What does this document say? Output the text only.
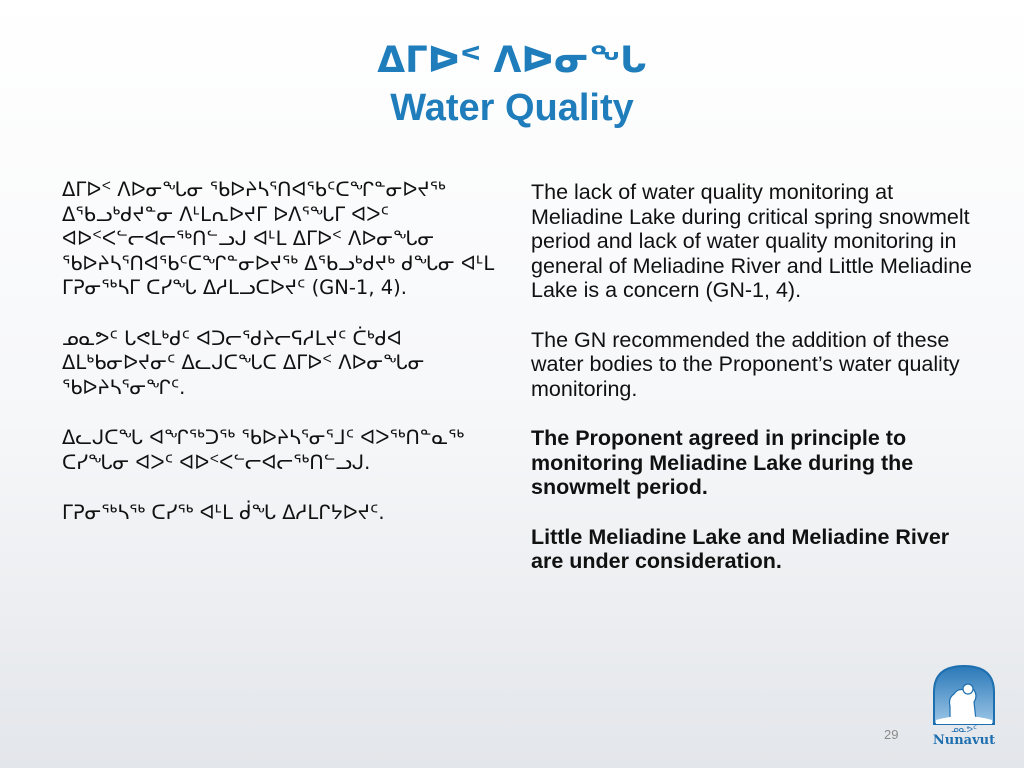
ᐃᒥᐅᑉ ᐱᐅᓂᖓ
Water Quality

ᐃᒥᐅᑉ ᐱᐅᓂᖓᓂ ᖃᐅᔨᓴᕐᑎᐊᖃᑦᑕᖏᓐᓂᐅᔪᖅ ᐃᖃᓗᒃᑯᔪᓐᓂ ᐱᒻᒪᕆᐅᔪᒥ ᐅᐱᕐᖓᒥ ᐊᐳᑦ ᐊᐅᑉᐸᓪᓕᐊᓕᖅᑎᓪᓗᒍ ᐊᒻᒪ ᐃᒥᐅᑉ ᐱᐅᓂᖓᓂ ᖃᐅᔨᓴᕐᑎᐊᖃᑦᑕᖏᓐᓂᐅᔪᖅ ᐃᖃᓗᒃᑯᔪᒃ ᑯᖓᓂ ᐊᒻᒪ ᒥᕈᓂᖅᓴᒥ ᑕᓯᖓ ᐃᓱᒪᓗᑕᐅᔪᑦ (GN-1, 4).

ᓄᓇᕗᑦ ᒐᕙᒪᒃᑯᑦ ᐊᑐᓕᖁᔨᓕᕋᓱᒪᔪᑦ ᑖᒃᑯᐊ ᐃᒪᒃᑲᓂᐅᔪᓂᑦ ᐃᓚᒍᑕᖓᑕ ᐃᒥᐅᑉ ᐱᐅᓂᖓᓂ ᖃᐅᔨᓴᕐᓂᖏᑦ.

ᐃᓚᒍᑕᖓ ᐊᖏᖅᑐᖅ ᖃᐅᔨᓴᕐᓂᕐᒧᑦ ᐊᐳᖅᑎᓐᓇᖅ ᑕᓯᖓᓂ ᐊᐳᑦ ᐊᐅᑉᐸᓪᓕᐊᓕᖅᑎᓪᓗᒍ.

ᒥᕈᓂᖅᓴᖅ ᑕᓯᖅ ᐊᒻᒪ ᑰᖓ ᐃᓱᒪᒋᔭᐅᔪᑦ.

The lack of water quality monitoring at Meliadine Lake during critical spring snowmelt period and lack of water quality monitoring in general of Meliadine River and Little Meliadine Lake is a concern (GN-1, 4).

The GN recommended the addition of these water bodies to the Proponent’s water quality monitoring.

The Proponent agreed in principle to monitoring Meliadine Lake during the snowmelt period.

Little Meliadine Lake and Meliadine River are under consideration.

29	ᓄᓇᕗᑦ
Nunavut
